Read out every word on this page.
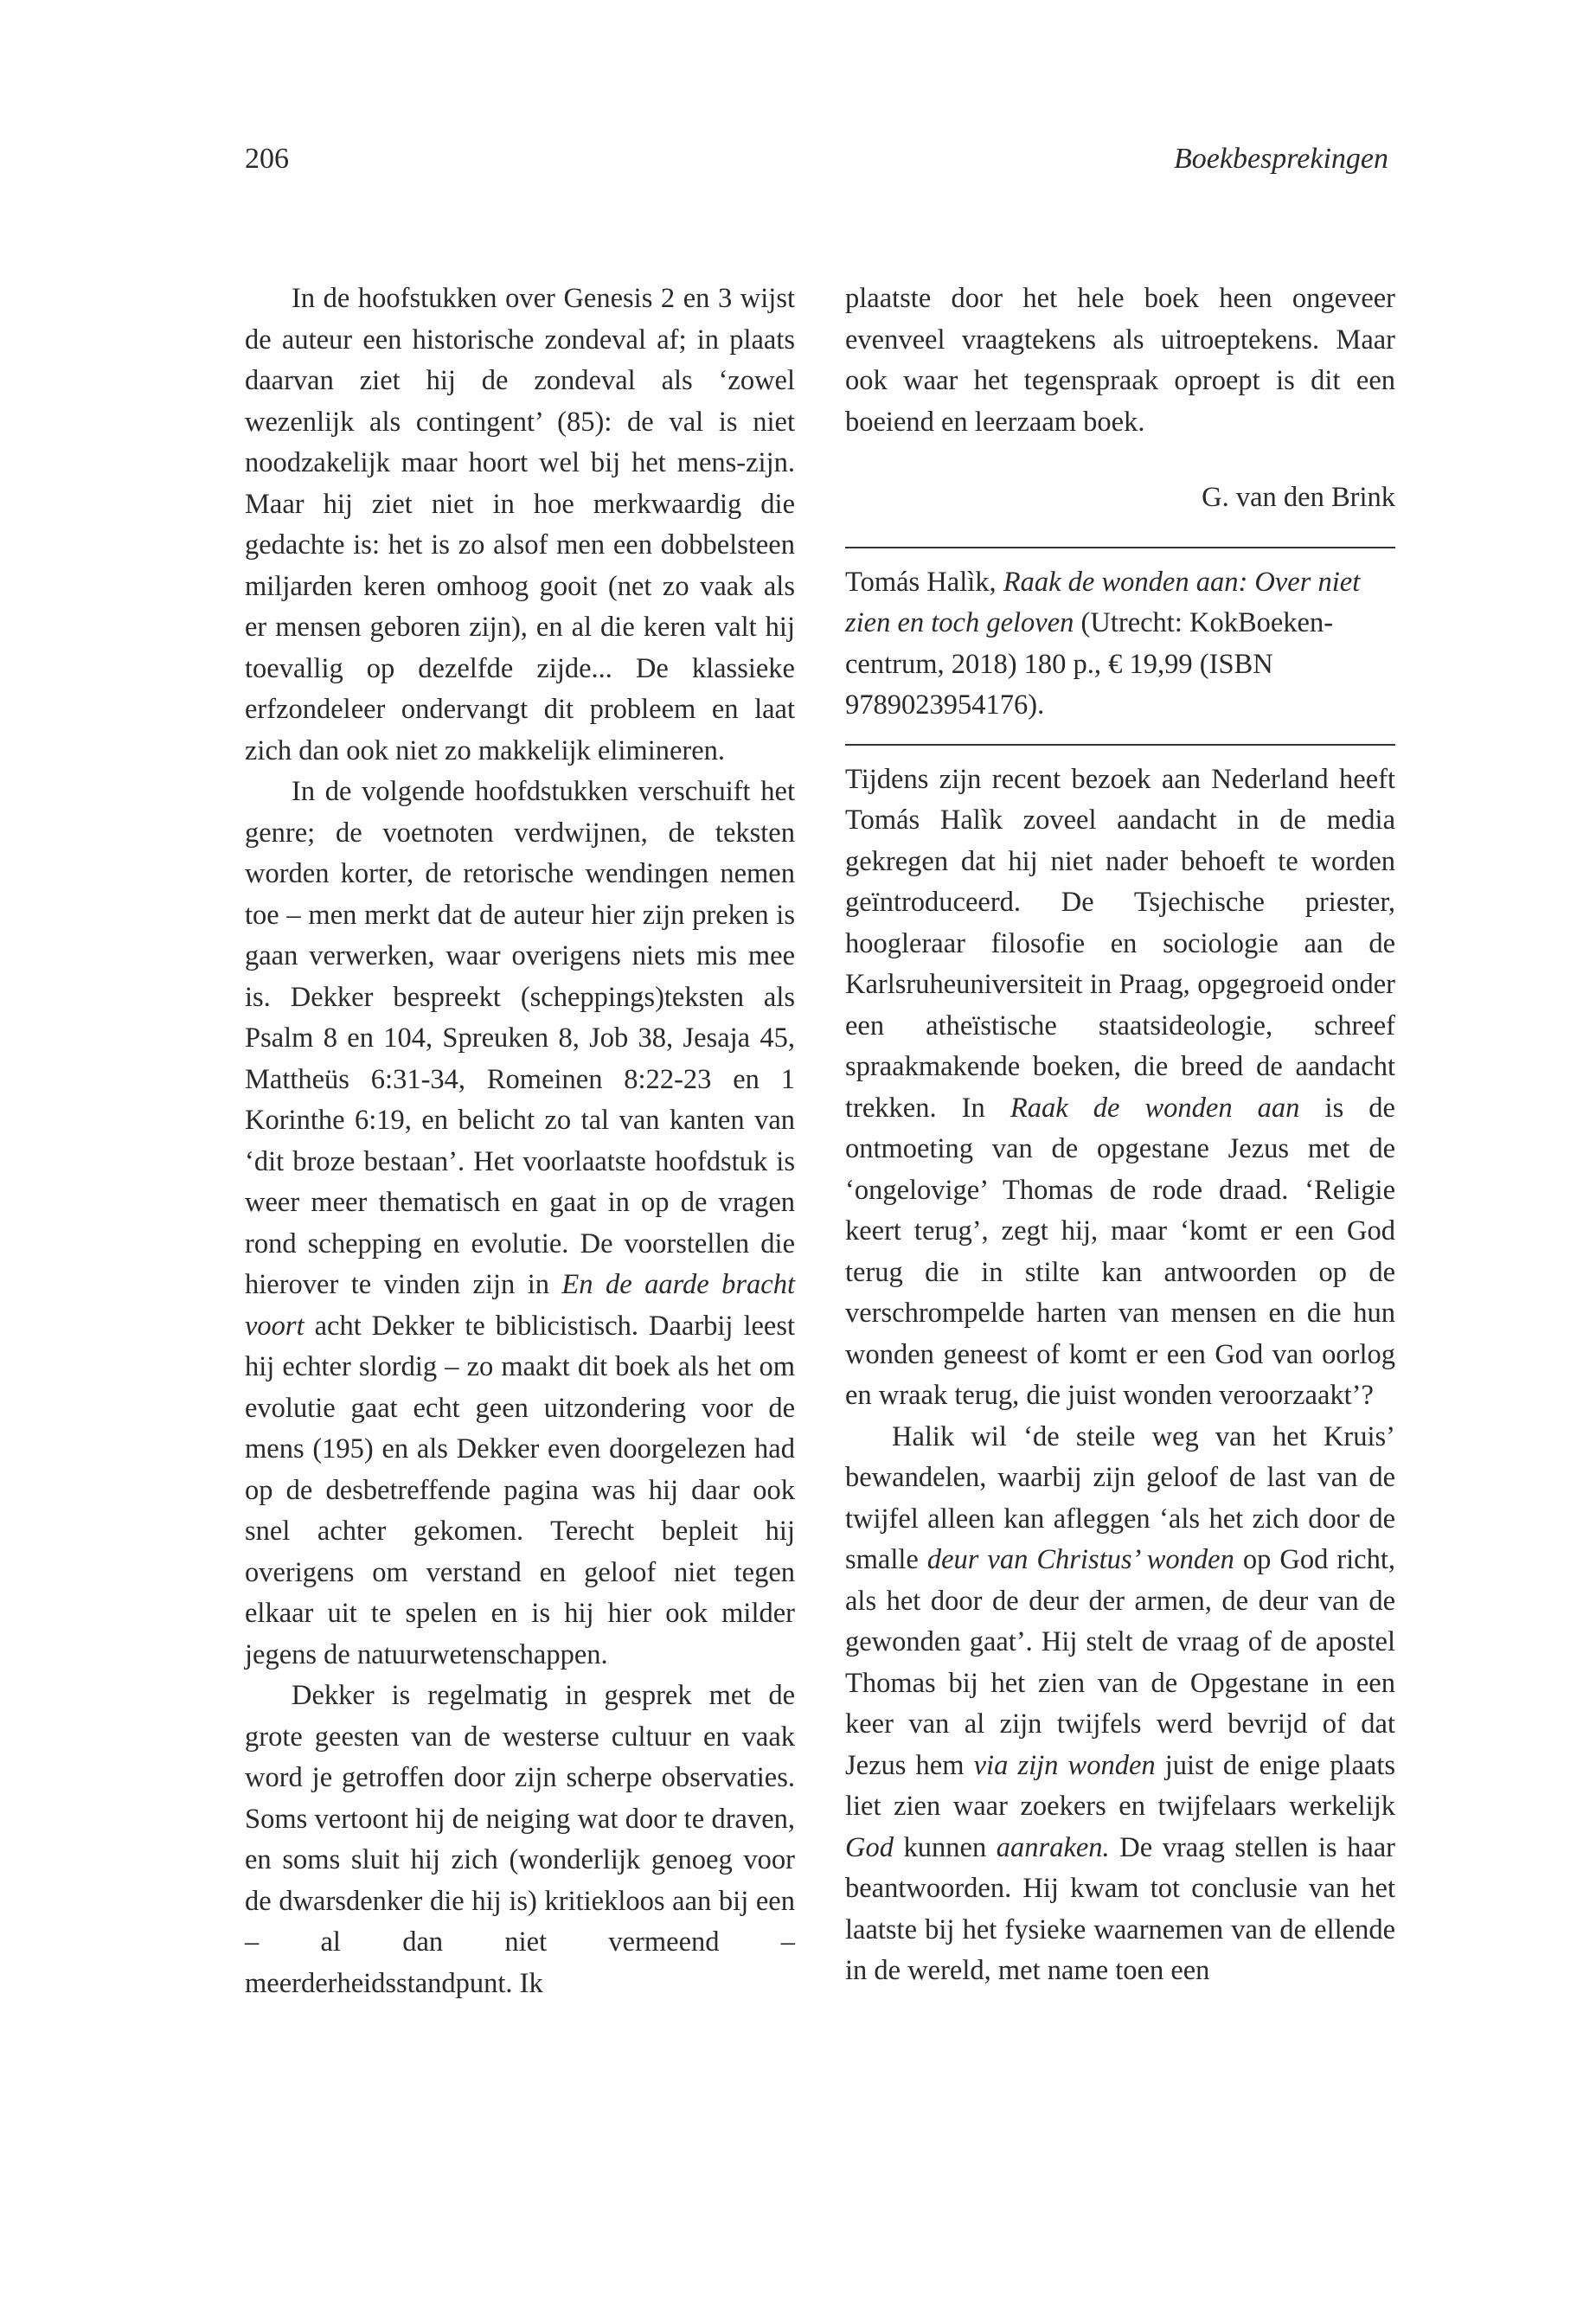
206	Boekbesprekingen

In de hoofstukken over Genesis 2 en 3 wijst de auteur een historische zondeval af; in plaats daarvan ziet hij de zondeval als ‘zowel wezenlijk als contingent’ (85): de val is niet noodzakelijk maar hoort wel bij het mens-zijn. Maar hij ziet niet in hoe merkwaardig die gedachte is: het is zo alsof men een dobbelsteen miljarden keren omhoog gooit (net zo vaak als er mensen geboren zijn), en al die keren valt hij toevallig op dezelfde zijde... De klassieke erfzondeleer ondervangt dit probleem en laat zich dan ook niet zo makkelijk elimineren.

In de volgende hoofdstukken verschuift het genre; de voetnoten verdwijnen, de teksten worden korter, de retorische wendingen nemen toe – men merkt dat de auteur hier zijn preken is gaan verwerken, waar overigens niets mis mee is. Dekker bespreekt (scheppings)teksten als Psalm 8 en 104, Spreuken 8, Job 38, Jesaja 45, Mattheüs 6:31-34, Romeinen 8:22-23 en 1 Korinthe 6:19, en belicht zo tal van kanten van ‘dit broze bestaan’. Het voorlaatste hoofdstuk is weer meer thematisch en gaat in op de vragen rond schepping en evolutie. De voorstellen die hierover te vinden zijn in En de aarde bracht voort acht Dekker te biblicistisch. Daarbij leest hij echter slordig – zo maakt dit boek als het om evolutie gaat echt geen uitzondering voor de mens (195) en als Dekker even doorgelezen had op de desbetreffende pagina was hij daar ook snel achter gekomen. Terecht bepleit hij overigens om verstand en geloof niet tegen elkaar uit te spelen en is hij hier ook milder jegens de natuurwetenschappen.

Dekker is regelmatig in gesprek met de grote geesten van de westerse cultuur en vaak word je getroffen door zijn scherpe observaties. Soms vertoont hij de neiging wat door te draven, en soms sluit hij zich (wonderlijk genoeg voor de dwarsdenker die hij is) kritiekloos aan bij een – al dan niet vermeend – meerderheidsstandpunt. Ik

plaatste door het hele boek heen ongeveer evenveel vraagtekens als uitroeptekens. Maar ook waar het tegenspraak oproept is dit een boeiend en leerzaam boek.

G. van den Brink
Tomás Halìk, Raak de wonden aan: Over niet zien en toch geloven (Utrecht: KokBoekencentrum, 2018) 180 p., € 19,99 (ISBN 9789023954176).

Tijdens zijn recent bezoek aan Nederland heeft Tomás Halìk zoveel aandacht in de media gekregen dat hij niet nader behoeft te worden geïntroduceerd. De Tsjechische priester, hoogleraar filosofie en sociologie aan de Karlsruheuniversiteit in Praag, opgegroeid onder een atheïstische staatsideologie, schreef spraakmakende boeken, die breed de aandacht trekken. In Raak de wonden aan is de ontmoeting van de opgestane Jezus met de ‘ongelovige’ Thomas de rode draad. ‘Religie keert terug’, zegt hij, maar ‘komt er een God terug die in stilte kan antwoorden op de verschrompelde harten van mensen en die hun wonden geneest of komt er een God van oorlog en wraak terug, die juist wonden veroorzaakt’?

Halik wil ‘de steile weg van het Kruis’ bewandelen, waarbij zijn geloof de last van de twijfel alleen kan afleggen ‘als het zich door de smalle deur van Christus’ wonden op God richt, als het door de deur der armen, de deur van de gewonden gaat’. Hij stelt de vraag of de apostel Thomas bij het zien van de Opgestane in een keer van al zijn twijfels werd bevrijd of dat Jezus hem via zijn wonden juist de enige plaats liet zien waar zoekers en twijfelaars werkelijk God kunnen aanraken. De vraag stellen is haar beantwoorden. Hij kwam tot conclusie van het laatste bij het fysieke waarnemen van de ellende in de wereld, met name toen een
